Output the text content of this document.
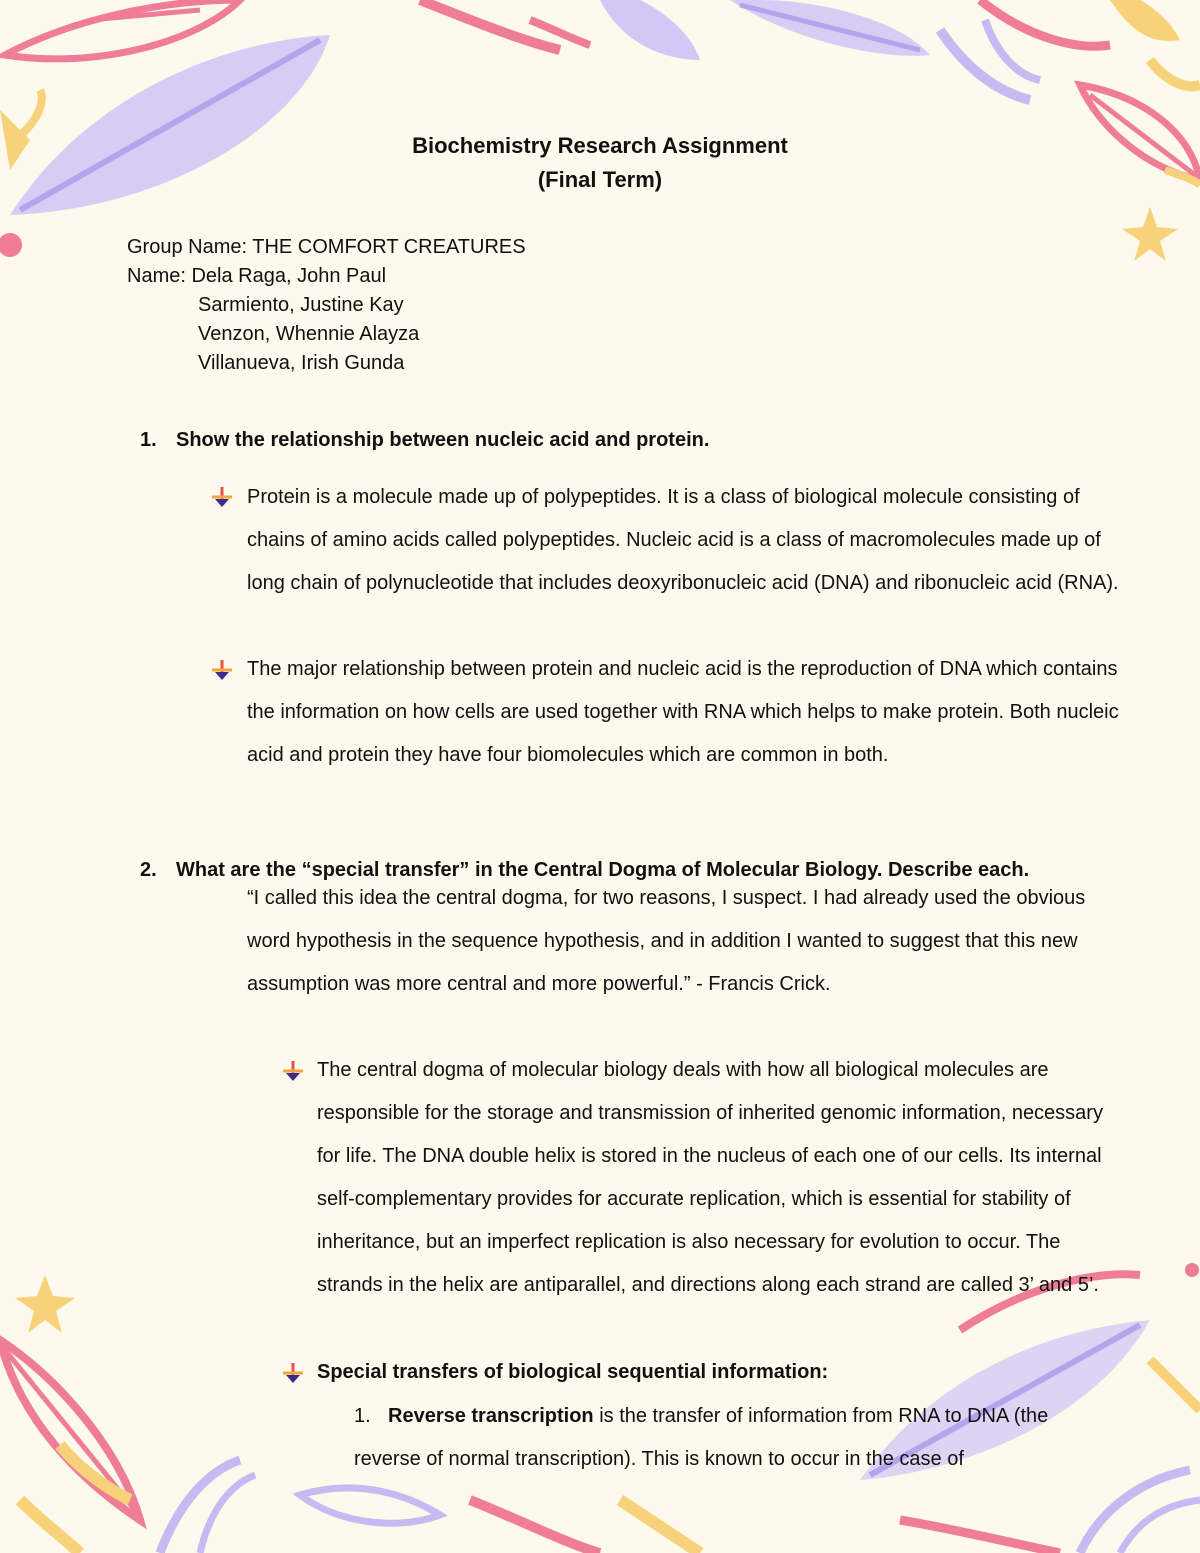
Biochemistry Research Assignment
(Final Term)
Group Name: THE COMFORT CREATURES
Name: Dela Raga, John Paul
Sarmiento, Justine Kay
Venzon, Whennie Alayza
Villanueva, Irish Gunda
1. Show the relationship between nucleic acid and protein.

Protein is a molecule made up of polypeptides. It is a class of biological molecule consisting of chains of amino acids called polypeptides. Nucleic acid is a class of macromolecules made up of long chain of polynucleotide that includes deoxyribonucleic acid (DNA) and ribonucleic acid (RNA).

The major relationship between protein and nucleic acid is the reproduction of DNA which contains the information on how cells are used together with RNA which helps to make protein. Both nucleic acid and protein they have four biomolecules which are common in both.

2. What are the “special transfer” in the Central Dogma of Molecular Biology. Describe each.

“I called this idea the central dogma, for two reasons, I suspect. I had already used the obvious word hypothesis in the sequence hypothesis, and in addition I wanted to suggest that this new assumption was more central and more powerful.” - Francis Crick.

The central dogma of molecular biology deals with how all biological molecules are responsible for the storage and transmission of inherited genomic information, necessary for life. The DNA double helix is stored in the nucleus of each one of our cells. Its internal self-complementary provides for accurate replication, which is essential for stability of inheritance, but an imperfect replication is also necessary for evolution to occur. The strands in the helix are antiparallel, and directions along each strand are called 3’ and 5’.

Special transfers of biological sequential information:

1. Reverse transcription is the transfer of information from RNA to DNA (the reverse of normal transcription). This is known to occur in the case of
